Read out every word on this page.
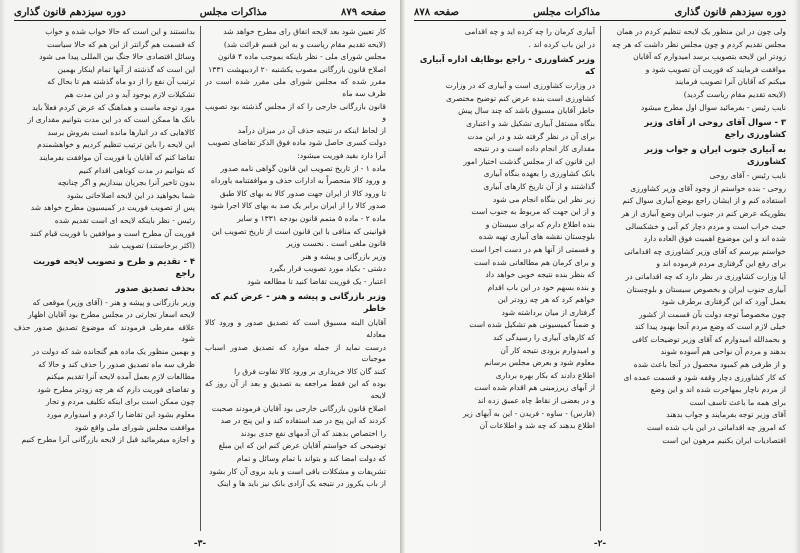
صفحه ۸۷۹
مذاکرات مجلس
دوره سیزدهم قانون گذاری

کار تعیین شود بعد لایحه اتفاق رای مطرح خواهد شد

(لایحه تقدیم مقام ریاست و به این قسم قرائت شد)

مجلس شورای ملی - نظر باینکه بموجب ماده ۴ قانون

اصلاح قانون بازرگانی مصوب یکشنبه ۲۰ اردیبهشت ۱۳۳۱

مقرر شده که مجلس شورای ملی مقرر شده است در ظرف سه ماه

قانون بازرگانی خارجی را که از مجلس گذشته بود تصویب و

از لحاظ اینکه در نتیجه حذف آن در میزان درآمد

دولت کسری حاصل شود ماده فوق الذکر تقاضای تصویب

آنرا دارد بقید فوریت میشود:

ماده ۱ - از تاریخ تصویب این قانون گواهی نامه صدور

و ورود کالا منحصراً به ادارات حذف و موافقتنامه باورداه

تا ورود کالا از ایران جهت صدور کالا به بهای کالا طبق

صدور کالا را از ایران برابر یک صد به بهای کالا اجرا شود

ماده ۲ - ماده ۵ متمم قانون بودجه ۱۳۳۱ و سایر

قوانینی که منافی با این قانون است از تاریخ تصویب این

قانون ملغی است . نخست وزیر

وزیر بازرگانی و پیشه و هنر

دشتی - بکیاد مورد تصویب قرار بگیرد

اعتبار - یک فوریت تقاضا کنید تا مطالعه شود

وزیر بازرگانی و پیشه و هنر - عرض کنم که خاطر

آقایان البته مسبوق است که تصدیق صدور و ورود کالا معادله

درست نماید از جمله موارد که تصدیق صدور اسباب موجبات

کنند گان کالا خریداری بر ورود کالا تفاوت فرق را

بوده که این فقط مراجعه به تصدیق و بعد از آن روز که لایحه

اصلاح قانون بازرگانی خارجی بود آقایان فرمودند صحبت

کردند که این پنج در صد استفاده کند و این پنج در صد

را اختصاص بدهند که آن آدمهای نفع جدی بودند

توضیحی که خواستم آقایان عرض کنم این که این مبلغ

که دولت امضا کند و بتواند با تمام وسائل و تمام

تشریفات و مشکلات باقی است و باید بروی آن کار بشود

از باب یکروز در نتیجه یک آزادی بانک نیز باید ها و اینک

بدانستند و این است که حالا خواب شده و خواب

که قسمت هم گرانتر از این هم که حالا سیاست

وسائل اقتصادی حالا جنگ بین المللی پیدا می شود

این است که گذشته از آنها تمام اینکار بهمین

ترتیب آن نفع را از دو ماه گذشته هم تا بحال که

تشکیلات لازم بوجود آید و در این مدت هم

مورد توجه ماست و هماهنگ که عرض کردم فعلاً باید

بانک ها ممکن است که در این مدت بتوانیم مقداری از

کالاهایی که در انبارها مانده است بفروش برسد

این لایحه را باین ترتیب تنظیم کردیم و خواهشمندم

تقاضا کنم که آقایان با فوریت آن موافقت بفرمایند

که بتوانیم در مدت کوتاهی اقدام کنیم

بدون تاخیر آنرا بجریان بیندازیم و اگر چنانچه

شما بخواهید در این لایحه اصلاحاتی بشود

پس از تصویب فوریت در کمیسیون مطرح خواهد شد

رئیس - نظر باینکه لایحه ای است تقدیم شده

فوریت آن مطرح است و موافقین با فوریت قیام کنند

(اکثر برخاستند) تصویب شد

۴ - تقدیم و طرح و تصویب لایحه فوریت راجع

بحذف تصدیق صدور

وزیر بازرگانی و پیشه و هنر - (آقای وزیر) موقعی که

لایحه اسعار تجارتی در مجلس مطرح بود آقایان اظهار

علاقه مفرطی فرمودند که موضوع تصدیق صدور حذف شود

و بهمین منظور یک ماده هم گنجانده شد که دولت در

ظرف سه ماه تصدیق صدور را حذف کند و حالا که

مطالعات لازم بعمل آمده لایحه آنرا تقدیم میکنم

و تقاضای فوریت دارم که هر چه زودتر مطرح شود

چون ممکن است برای اینکه تکلیف مردم و تجار

معلوم بشود این تقاضا را کردم و امیدوارم مورد

موافقت مجلس شورای ملی واقع شود

و اجازه میفرمائید قبل از لایحه بازرگانی آنرا مطرح کنیم

-۳-
دوره سیزدهم قانون گذاری
مذاکرات مجلس
صفحه ۸۷۸

ولی چون در این منظور یک لایحه تنظیم کردم در همان

مجلس تقدیم کردم و چون مجلس نظر داشت که هر چه

زودتر این لایحه بتصویب برسد امیدوارم که آقایان

موافقت فرمایند که فوریت آن تصویب شود و

میکنم که آقایان آنرا تصویب فرمایند

(لایحه تقدیم مقام ریاست گردید)

نایب رئیس - بفرمائید سوال اول مطرح میشود

۳ - سوال آقای روحی از آقای وزیر کشاورزی راجع

به آبیاری جنوب ایران و جواب وزیر کشاورزی

نایب رئیس - آقای روحی

روحی - بنده خواستم از وجود آقای وزیر کشاورزی

استفاده کنم و از ایشان راجع بوضع آبیاری سوال کنم

بطوریکه عرض کنم در جنوب ایران وضع آبیاری از هر

حیث خراب است و مردم دچار کم آبی و خشکسالی

شده اند و این موضوع اهمیت فوق العاده دارد

خواستم بپرسم که آقای وزیر کشاورزی چه اقداماتی

برای رفع این گرفتاری مردم فرموده اند و

آیا وزارت کشاورزی در نظر دارد که چه اقداماتی در

آبیاری جنوب ایران و بخصوص سیستان و بلوچستان

بعمل آورد که این گرفتاری برطرف شود

چون مخصوصاً توجه دولت بآن قسمت از کشور

خیلی لازم است که وضع مردم آنجا بهبود پیدا کند

و بحمدالله امیدوارم که آقای وزیر توضیحات کافی

بدهند و مردم آن نواحی هم آسوده شوند

و از طرفی هم کمبود محصول در آنجا باعث شده

که کار کشاورزی دچار وقفه شود و قسمت عمده ای

از مردم ناچار بمهاجرت شده اند و این وضع

برای همه ما باعث تاسف است

آقای وزیر توجه بفرمایند و جواب بدهند

که امروز چه اقداماتی در این باب شده است

اقتصادیات ایران بکنیم مرهون این است

آبیاری کرمان را چه کرده اید و چه اقدامی

در این باب کرده اند .

وزیر کشاورزی - راجع بوظایف اداره آبیاری که

در وزارت کشاورزی است و آبیاری که در وزارت

کشاورزی است بنده عرض کنم توضیح مختصری

خاطر آقایان مسبوق باشد که چند سال پیش

بنگاه مستقل آبیاری تشکیل شد و اعتباری

برای آن در نظر گرفته شد و در این مدت

مقداری کار انجام داده است و در نتیجه

این قانون که از مجلس گذشت اختیار امور

بانک کشاورزی را بعهده بنگاه آبیاری

گذاشتند و از آن تاریخ کارهای آبیاری

زیر نظر این بنگاه انجام می شود

و از این جهت که مربوط به جنوب است

بنده اطلاع دارم که برای سیستان و

بلوچستان نقشه های آبیاری تهیه شده

و قسمتی از آنها هم در دست اجرا است

و برای کرمان هم مطالعاتی شده است

که بنظر بنده نتیجه خوبی خواهد داد

و بنده بسهم خود در این باب اقدام

خواهم کرد که هر چه زودتر این

گرفتاری از میان برداشته شود

و ضمناً کمیسیونی هم تشکیل شده است

که کارهای آبیاری را رسیدگی کند

و امیدوارم بزودی نتیجه کار آن

معلوم شود و بعرض مجلس برسانم

اطلاع دادند که بکار بهره برداری

از آبهای زیرزمینی هم اقدام شده است

و در بعضی از نقاط چاه عمیق زده اند

(فارس) - ساوه - فریدن - این به آبهای زیر

اطلاع بدهند که چه شد و اطلاعات آن

-۲-
